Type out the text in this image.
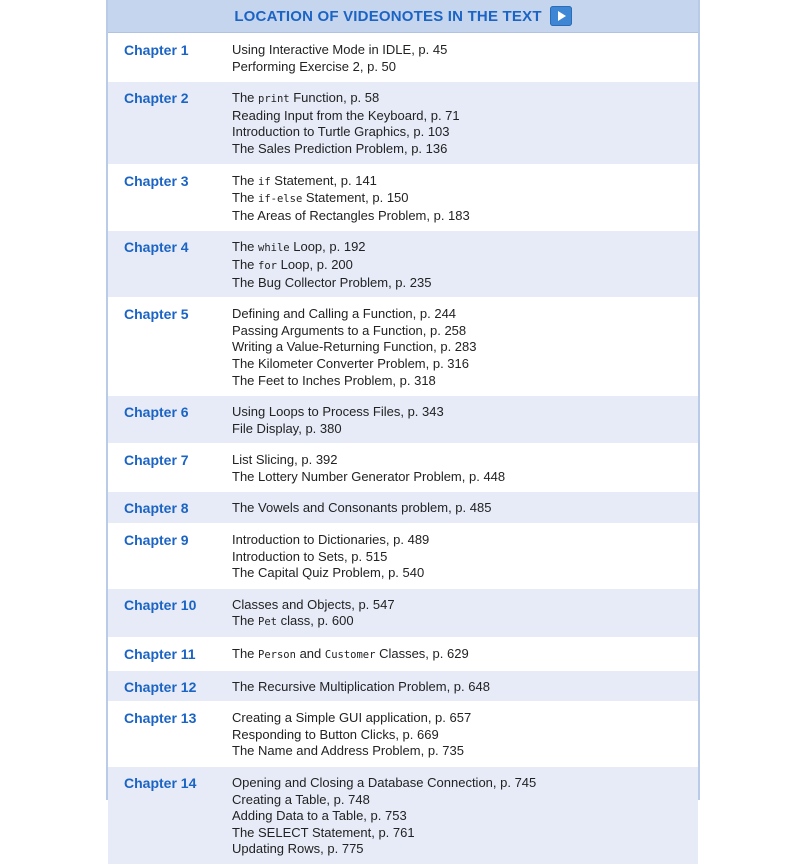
LOCATION OF VIDEONOTES IN THE TEXT
Chapter 1	Using Interactive Mode in IDLE, p. 45
Performing Exercise 2, p. 50
Chapter 2	The print Function, p. 58
Reading Input from the Keyboard, p. 71
Introduction to Turtle Graphics, p. 103
The Sales Prediction Problem, p. 136
Chapter 3	The if Statement, p. 141
The if-else Statement, p. 150
The Areas of Rectangles Problem, p. 183
Chapter 4	The while Loop, p. 192
The for Loop, p. 200
The Bug Collector Problem, p. 235
Chapter 5	Defining and Calling a Function, p. 244
Passing Arguments to a Function, p. 258
Writing a Value-Returning Function, p. 283
The Kilometer Converter Problem, p. 316
The Feet to Inches Problem, p. 318
Chapter 6	Using Loops to Process Files, p. 343
File Display, p. 380
Chapter 7	List Slicing, p. 392
The Lottery Number Generator Problem, p. 448
Chapter 8	The Vowels and Consonants problem, p. 485
Chapter 9	Introduction to Dictionaries, p. 489
Introduction to Sets, p. 515
The Capital Quiz Problem, p. 540
Chapter 10	Classes and Objects, p. 547
The Pet class, p. 600
Chapter 11	The Person and Customer Classes, p. 629
Chapter 12	The Recursive Multiplication Problem, p. 648
Chapter 13	Creating a Simple GUI application, p. 657
Responding to Button Clicks, p. 669
The Name and Address Problem, p. 735
Chapter 14	Opening and Closing a Database Connection, p. 745
Creating a Table, p. 748
Adding Data to a Table, p. 753
The SELECT Statement, p. 761
Updating Rows, p. 775
